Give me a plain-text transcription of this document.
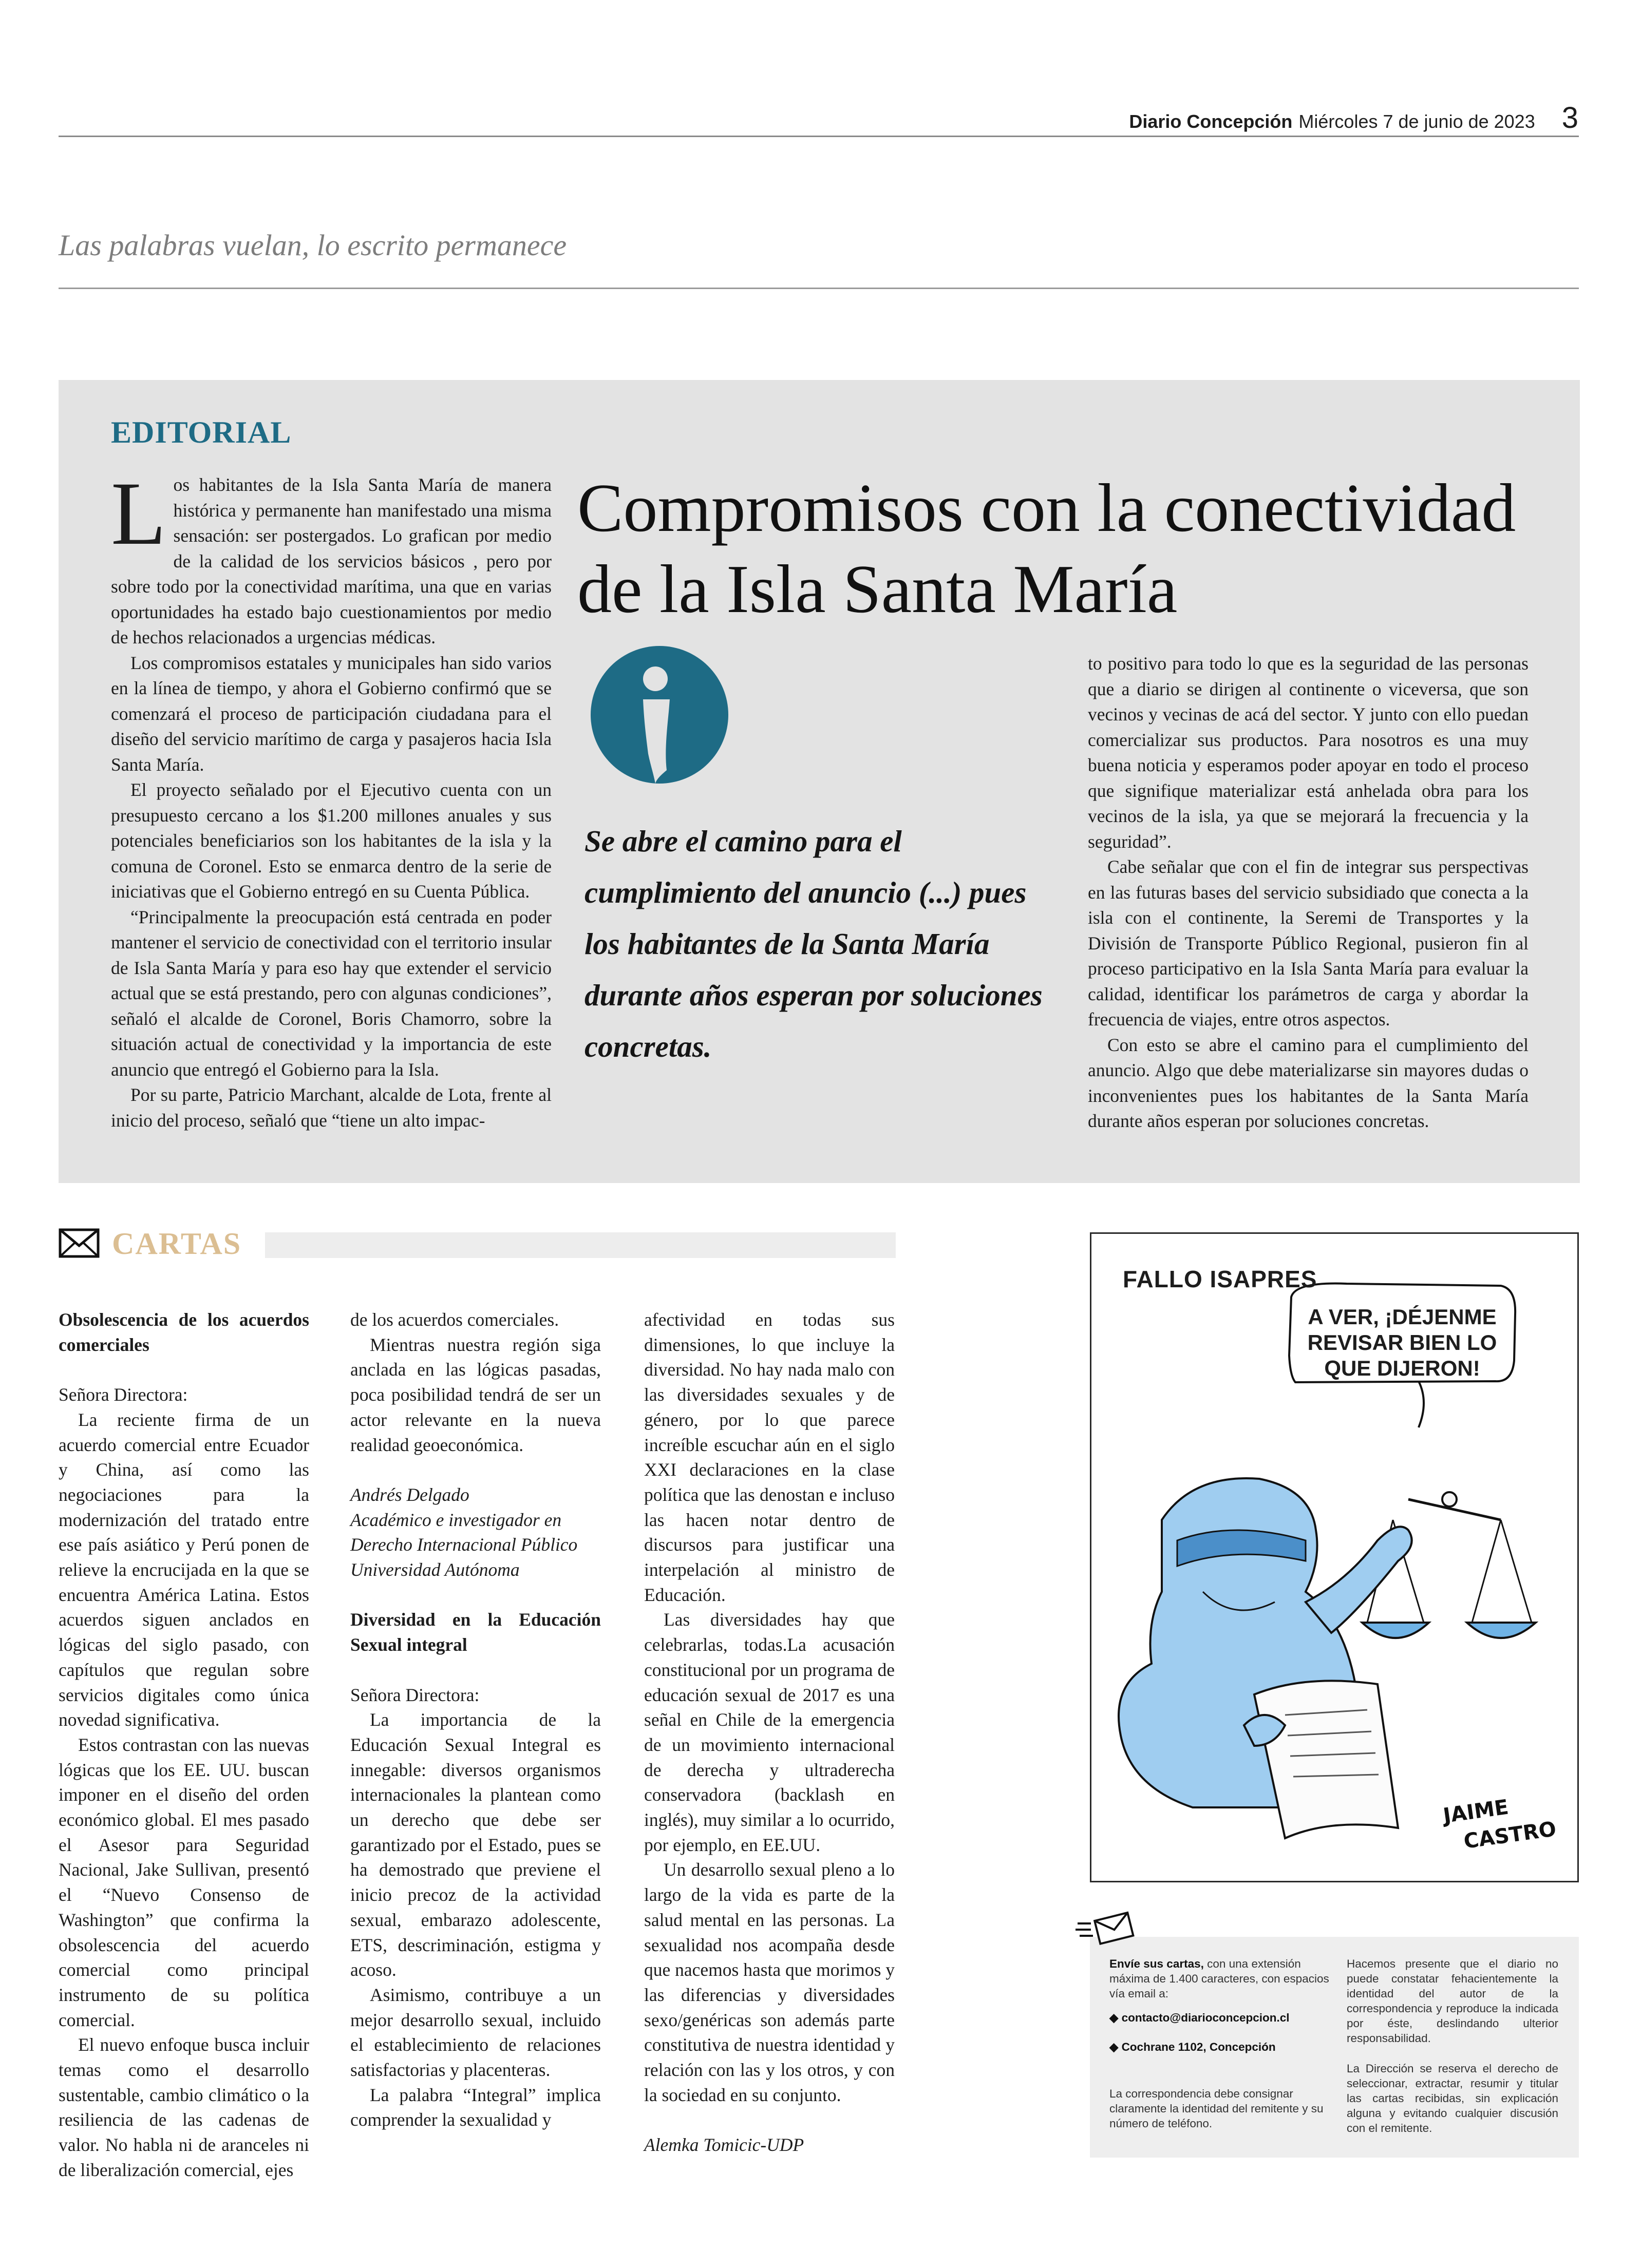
Diario Concepción Miércoles 7 de junio de 2023 3
Las palabras vuelan, lo escrito permanece
EDITORIAL

Los habitantes de la Isla Santa María de manera histórica y permanente han manifestado una misma sensación: ser postergados. Lo grafican por medio de la calidad de los servicios básicos , pero por sobre todo por la conectividad marítima, una que en varias oportunidades ha estado bajo cuestionamientos por medio de hechos relacionados a urgencias médicas.

Los compromisos estatales y municipales han sido varios en la línea de tiempo, y ahora el Gobierno confirmó que se comenzará el proceso de participación ciudadana para el diseño del servicio marítimo de carga y pasajeros hacia Isla Santa María.

El proyecto señalado por el Ejecutivo cuenta con un presupuesto cercano a los $1.200 millones anuales y sus potenciales beneficiarios son los habitantes de la isla y la comuna de Coronel. Esto se enmarca dentro de la serie de iniciativas que el Gobierno entregó en su Cuenta Pública.

“Principalmente la preocupación está centrada en poder mantener el servicio de conectividad con el territorio insular de Isla Santa María y para eso hay que extender el servicio actual que se está prestando, pero con algunas condiciones”, señaló el alcalde de Coronel, Boris Chamorro, sobre la situación actual de conectividad y la importancia de este anuncio que entregó el Gobierno para la Isla.

Por su parte, Patricio Marchant, alcalde de Lota, frente al inicio del proceso, señaló que “tiene un alto impac-

Compromisos con la conectividad de la Isla Santa María
Se abre el camino para el cumplimiento del anuncio (...) pues los habitantes de la Santa María durante años esperan por soluciones concretas.

to positivo para todo lo que es la seguridad de las personas que a diario se dirigen al continente o viceversa, que son vecinos y vecinas de acá del sector. Y junto con ello puedan comercializar sus productos. Para nosotros es una muy buena noticia y esperamos poder apoyar en todo el proceso que signifique materializar está anhelada obra para los vecinos de la isla, ya que se mejorará la frecuencia y la seguridad”.

Cabe señalar que con el fin de integrar sus perspectivas en las futuras bases del servicio subsidiado que conecta a la isla con el continente, la Seremi de Transportes y la División de Transporte Público Regional, pusieron fin al proceso participativo en la Isla Santa María para evaluar la calidad, identificar los parámetros de carga y abordar la frecuencia de viajes, entre otros aspectos.

Con esto se abre el camino para el cumplimiento del anuncio. Algo que debe materializarse sin mayores dudas o inconvenientes pues los habitantes de la Santa María durante años esperan por soluciones concretas.

CARTAS

Obsolescencia de los acuerdos comerciales

Señora Directora:

La reciente firma de un acuerdo comercial entre Ecuador y China, así como las negociaciones para la modernización del tratado entre ese país asiático y Perú ponen de relieve la encrucijada en la que se encuentra América Latina. Estos acuerdos siguen anclados en lógicas del siglo pasado, con capítulos que regulan sobre servicios digitales como única novedad significativa.

Estos contrastan con las nuevas lógicas que los EE. UU. buscan imponer en el diseño del orden económico global. El mes pasado el Asesor para Seguridad Nacional, Jake Sullivan, presentó el “Nuevo Consenso de Washington” que confirma la obsolescencia del acuerdo comercial como principal instrumento de su política comercial.

El nuevo enfoque busca incluir temas como el desarrollo sustentable, cambio climático o la resiliencia de las cadenas de valor. No habla ni de aranceles ni de liberalización comercial, ejes

de los acuerdos comerciales.

Mientras nuestra región siga anclada en las lógicas pasadas, poca posibilidad tendrá de ser un actor relevante en la nueva realidad geoeconómica.

Andrés Delgado

Académico e investigador en

Derecho Internacional Público

Universidad Autónoma

Diversidad en la Educación Sexual integral

Señora Directora:

La importancia de la Educación Sexual Integral es innegable: diversos organismos internacionales la plantean como un derecho que debe ser garantizado por el Estado, pues se ha demostrado que previene el inicio precoz de la actividad sexual, embarazo adolescente, ETS, descriminación, estigma y acoso.

Asimismo, contribuye a un mejor desarrollo sexual, incluido el establecimiento de relaciones satisfactorias y placenteras.

La palabra “Integral” implica comprender la sexualidad y

afectividad en todas sus dimensiones, lo que incluye la diversidad. No hay nada malo con las diversidades sexuales y de género, por lo que parece increíble escuchar aún en el siglo XXI declaraciones en la clase política que las denostan e incluso las hacen notar dentro de discursos para justificar una interpelación al ministro de Educación.

Las diversidades hay que celebrarlas, todas.La acusación constitucional por un programa de educación sexual de 2017 es una señal en Chile de la emergencia de un movimiento internacional de derecha y ultraderecha conservadora (backlash en inglés), muy similar a lo ocurrido, por ejemplo, en EE.UU.

Un desarrollo sexual pleno a lo largo de la vida es parte de la salud mental en las personas. La sexualidad nos acompaña desde que nacemos hasta que morimos y las diferencias y diversidades sexo/genéricas son además parte constitutiva de nuestra identidad y relación con las y los otros, y con la sociedad en su conjunto.

Alemka Tomicic-UDP

JAIME
CASTRO
FALLO ISAPRES
A VER, ¡DÉJENME
REVISAR BIEN LO
QUE DIJERON!
Envíe sus cartas, con una extensión máxima de 1.400 caracteres, con espacios vía email a:
◆ contacto@diarioconcepcion.cl
◆ Cochrane 1102, Concepción
La correspondencia debe consignar claramente la identidad del remitente y su número de teléfono.
Hacemos presente que el diario no puede constatar fehacientemente la identidad del autor de la correspondencia y reproduce la indicada por éste, deslindando ulterior responsabilidad.
La Dirección se reserva el derecho de seleccionar, extractar, resumir y titular las cartas recibidas, sin explicación alguna y evitando cualquier discusión con el remitente.
